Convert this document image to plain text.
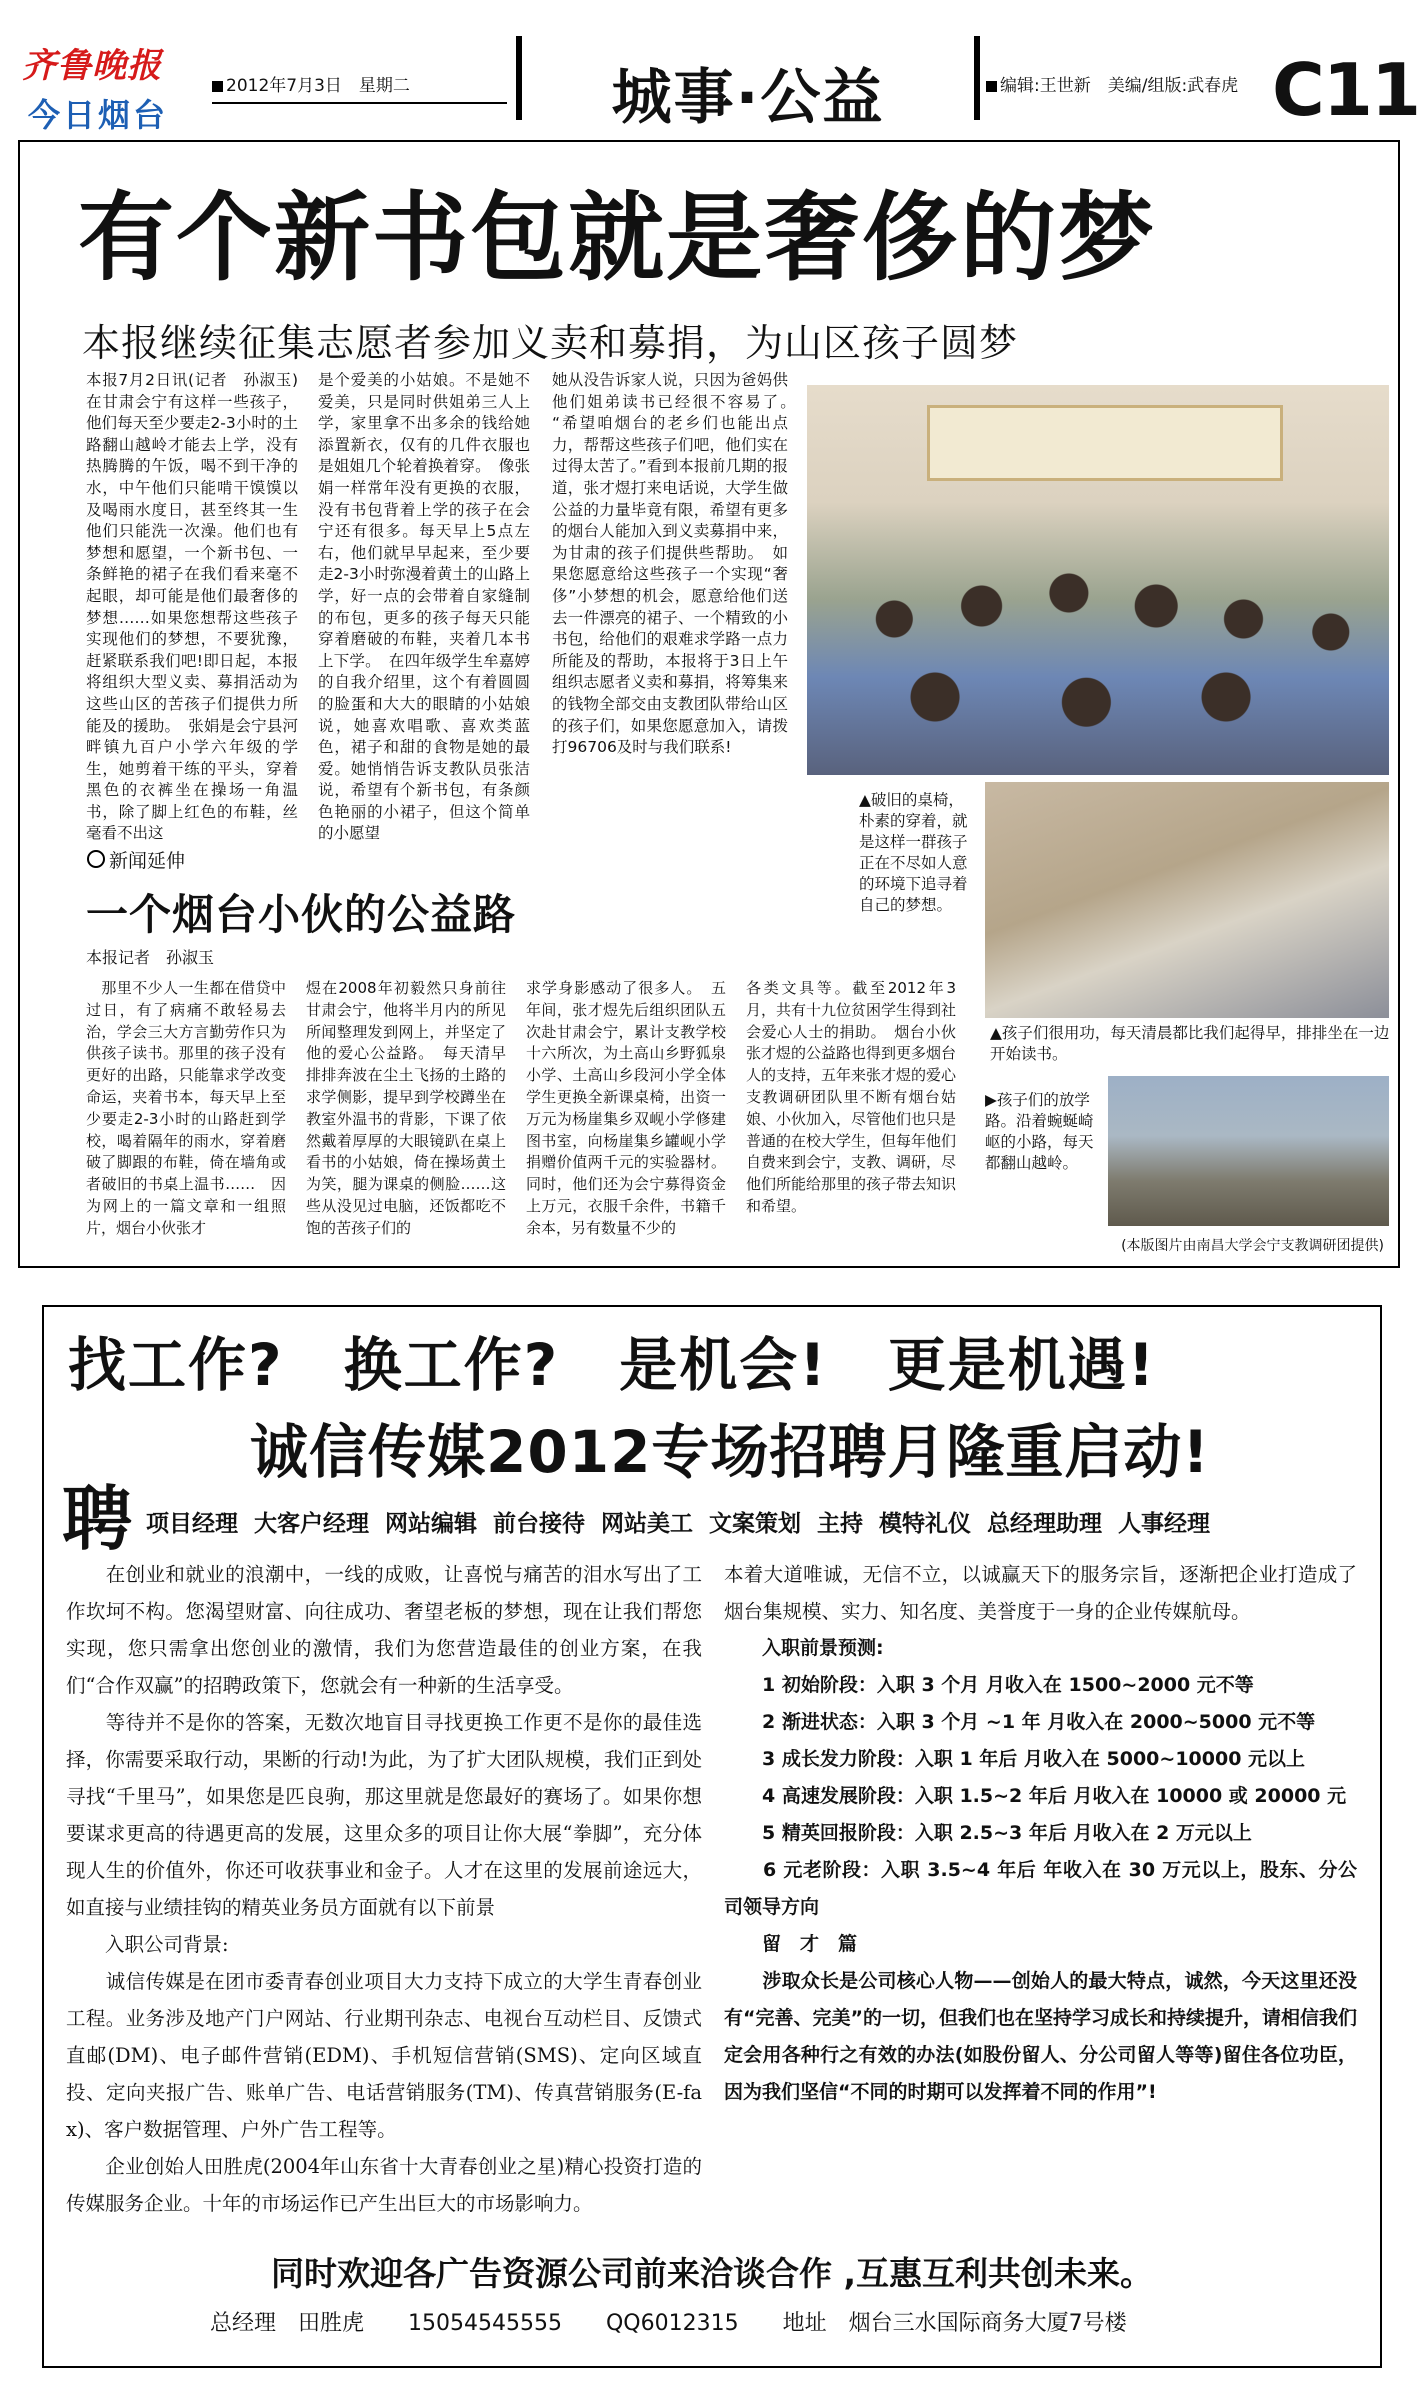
齐鲁晚报
今日烟台
2012年7月3日　星期二	城事·公益	编辑:王世新　美编/组版:武春虎 C11
有个新书包就是奢侈的梦
本报继续征集志愿者参加义卖和募捐，为山区孩子圆梦
本报7月2日讯(记者　孙淑玉)　在甘肃会宁有这样一些孩子，他们每天至少要走2-3小时的土路翻山越岭才能去上学，没有热腾腾的午饭，喝不到干净的水，中午他们只能啃干馍馍以及喝雨水度日，甚至终其一生他们只能洗一次澡。他们也有梦想和愿望，一个新书包、一条鲜艳的裙子在我们看来毫不起眼，却可能是他们最奢侈的梦想……如果您想帮这些孩子实现他们的梦想，不要犹豫，赶紧联系我们吧!即日起，本报将组织大型义卖、募捐活动为这些山区的苦孩子们提供力所能及的援助。　张娟是会宁县河畔镇九百户小学六年级的学生，她剪着干练的平头，穿着黑色的衣裤坐在操场一角温书，除了脚上红色的布鞋，丝毫看不出这
是个爱美的小姑娘。不是她不爱美，只是同时供姐弟三人上学，家里拿不出多余的钱给她添置新衣，仅有的几件衣服也是姐姐几个轮着换着穿。　像张娟一样常年没有更换的衣服，没有书包背着上学的孩子在会宁还有很多。每天早上5点左右，他们就早早起来，至少要走2-3小时弥漫着黄土的山路上学，好一点的会带着自家缝制的布包，更多的孩子每天只能穿着磨破的布鞋，夹着几本书上下学。　在四年级学生牟嘉婷的自我介绍里，这个有着圆圆的脸蛋和大大的眼睛的小姑娘说，她喜欢唱歌、喜欢类蓝色，裙子和甜的食物是她的最爱。她悄悄告诉支教队员张洁说，希望有个新书包，有条颜色艳丽的小裙子，但这个简单的小愿望
她从没告诉家人说，只因为爸妈供他们姐弟读书已经很不容易了。　“希望咱烟台的老乡们也能出点力，帮帮这些孩子们吧，他们实在过得太苦了。”看到本报前几期的报道，张才煜打来电话说，大学生做公益的力量毕竟有限，希望有更多的烟台人能加入到义卖募捐中来，为甘肃的孩子们提供些帮助。　如果您愿意给这些孩子一个实现“奢侈”小梦想的机会，愿意给他们送去一件漂亮的裙子、一个精致的小书包，给他们的艰难求学路一点力所能及的帮助，本报将于3日上午组织志愿者义卖和募捐，将筹集来的钱物全部交由支教团队带给山区的孩子们，如果您愿意加入，请拨打96706及时与我们联系!
▲破旧的桌椅，朴素的穿着，就是这样一群孩子正在不尽如人意的环境下追寻着自己的梦想。
▲孩子们很用功，每天清晨都比我们起得早，排排坐在一边开始读书。
▶孩子们的放学路。沿着蜿蜒崎岖的小路，每天都翻山越岭。
(本版图片由南昌大学会宁支教调研团提供)
新闻延伸
一个烟台小伙的公益路
本报记者　孙淑玉
　那里不少人一生都在借贷中过日，有了病痛不敢轻易去治，学会三大方言勤劳作只为供孩子读书。那里的孩子没有更好的出路，只能靠求学改变命运，夹着书本，每天早上至少要走2-3小时的山路赶到学校，喝着隔年的雨水，穿着磨破了脚跟的布鞋，倚在墙角或者破旧的书桌上温书……　因为网上的一篇文章和一组照片，烟台小伙张才
煜在2008年初毅然只身前往甘肃会宁，他将半月内的所见所闻整理发到网上，并坚定了他的爱心公益路。　每天清早排排奔波在尘土飞扬的土路的求学侧影，提早到学校蹲坐在教室外温书的背影，下课了依然戴着厚厚的大眼镜趴在桌上看书的小姑娘，倚在操场黄土为笑，腿为课桌的侧脸……这些从没见过电脑，还饭都吃不饱的苦孩子们的
求学身影感动了很多人。　五年间，张才煜先后组织团队五次赴甘肃会宁，累计支教学校十六所次，为土高山乡野狐泉小学、土高山乡段河小学全体学生更换全新课桌椅，出资一万元为杨崖集乡双岘小学修建图书室，向杨崖集乡罐岘小学捐赠价值两千元的实验器材。同时，他们还为会宁募得资金上万元，衣服千余件，书籍千余本，另有数量不少的
各类文具等。截至2012年3月，共有十九位贫困学生得到社会爱心人士的捐助。　烟台小伙张才煜的公益路也得到更多烟台人的支持，五年来张才煜的爱心支教调研团队里不断有烟台姑娘、小伙加入，尽管他们也只是普通的在校大学生，但每年他们自费来到会宁，支教、调研，尽他们所能给那里的孩子带去知识和希望。
找工作?　换工作?　是机会!　更是机遇!
诚信传媒2012专场招聘月隆重启动!
聘 项目经理 大客户经理 网站编辑 前台接待 网站美工 文案策划 主持 模特礼仪 总经理助理 人事经理
　　在创业和就业的浪潮中，一线的成败，让喜悦与痛苦的泪水写出了工作坎坷不构。您渴望财富、向往成功、奢望老板的梦想，现在让我们帮您实现，您只需拿出您创业的激情，我们为您营造最佳的创业方案，在我们“合作双赢”的招聘政策下，您就会有一种新的生活享受。
　　等待并不是你的答案，无数次地盲目寻找更换工作更不是你的最佳选择，你需要采取行动，果断的行动!为此，为了扩大团队规模，我们正到处寻找“千里马”，如果您是匹良驹，那这里就是您最好的赛场了。如果你想要谋求更高的待遇更高的发展，这里众多的项目让你大展“拳脚”，充分体现人生的价值外，你还可收获事业和金子。人才在这里的发展前途远大，如直接与业绩挂钩的精英业务员方面就有以下前景
　　入职公司背景:
　　诚信传媒是在团市委青春创业项目大力支持下成立的大学生青春创业工程。业务涉及地产门户网站、行业期刊杂志、电视台互动栏目、反馈式直邮(DM)、电子邮件营销(EDM)、手机短信营销(SMS)、定向区域直投、定向夹报广告、账单广告、电话营销服务(TM)、传真营销服务(E-fax)、客户数据管理、户外广告工程等。
　　企业创始人田胜虎(2004年山东省十大青春创业之星)精心投资打造的传媒服务企业。十年的市场运作已产生出巨大的市场影响力。
本着大道唯诚，无信不立，以诚赢天下的服务宗旨，逐渐把企业打造成了烟台集规模、实力、知名度、美誉度于一身的企业传媒航母。
　　入职前景预测:
　　1 初始阶段：入职 3 个月 月收入在 1500~2000 元不等
　　2 渐进状态：入职 3 个月 ~1 年 月收入在 2000~5000 元不等
　　3 成长发力阶段：入职 1 年后 月收入在 5000~10000 元以上
　　4 高速发展阶段：入职 1.5~2 年后 月收入在 10000 或 20000 元
　　5 精英回报阶段：入职 2.5~3 年后 月收入在 2 万元以上
　　6 元老阶段：入职 3.5~4 年后 年收入在 30 万元以上，股东、分公司领导方向
　　留　才　篇
　　涉取众长是公司核心人物——创始人的最大特点，诚然，今天这里还没有“完善、完美”的一切，但我们也在坚持学习成长和持续提升，请相信我们定会用各种行之有效的办法(如股份留人、分公司留人等等)留住各位功臣，因为我们坚信“不同的时期可以发挥着不同的作用”!
同时欢迎各广告资源公司前来洽谈合作 ,互惠互利共创未来。
总经理　田胜虎　　15054545555　　QQ6012315　　地址　烟台三水国际商务大厦7号楼
